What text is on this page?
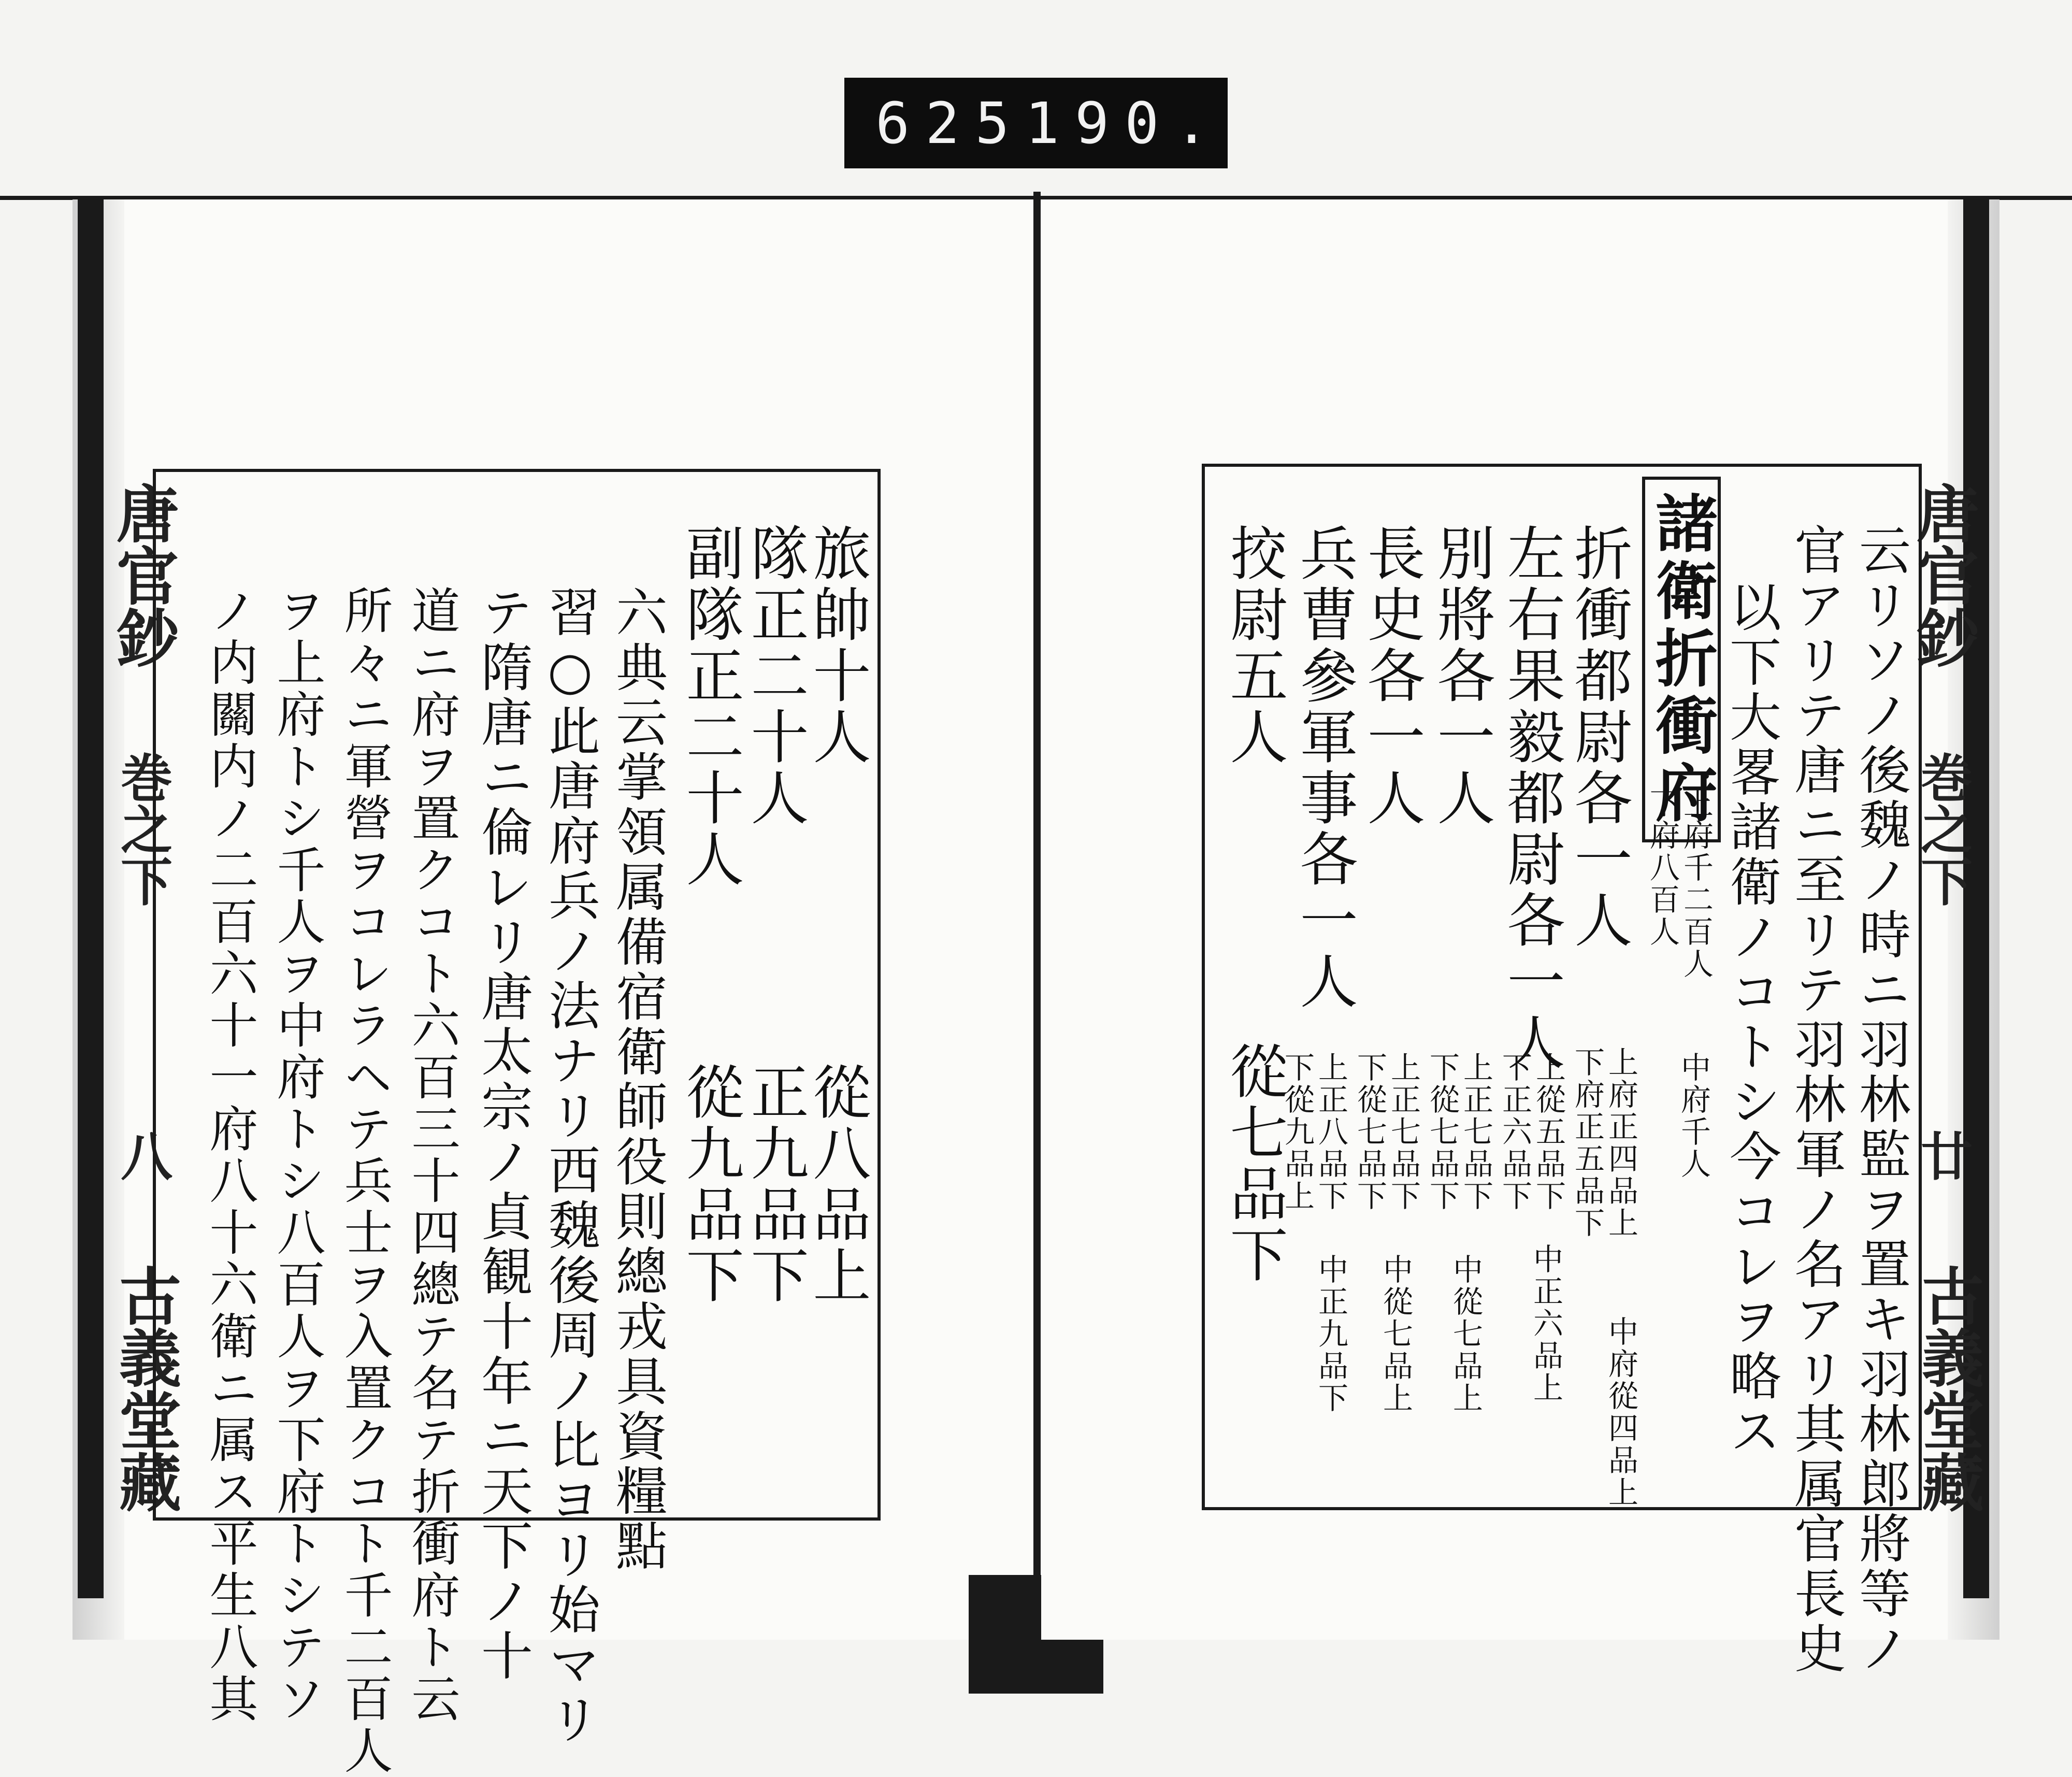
625 190.
唐官鈔
巻之下
八
古義堂藏
旅帥十人
隊正二十人
副隊正二十人
六典云掌領属備宿衛師役則總戎具資糧點
習○此唐府兵ノ法ナリ西魏後周ノ比ヨリ始マリ
テ隋唐ニ倫レリ唐太宗ノ貞観十年ニ天下ノ十
道ニ府ヲ置クコト六百三十四總テ名テ折衝府ト云
所々ニ軍營ヲコレラヘテ兵士ヲ入置クコト千二百人
ヲ上府トシ千人ヲ中府トシ八百人ヲ下府トシテソ
ノ内關内ノ二百六十一府八十六衛ニ属ス平生八其	從八品上
正九品下
從九品下
唐官鈔
巻之下
廿
古義堂藏
云リソノ後魏ノ時ニ羽林監ヲ置キ羽林郎將等ノ
官アリテ唐ニ至リテ羽林軍ノ名アリ其属官長史
以下大畧諸衛ノコトシ今コレヲ略ス
諸衛折衝府
折衝都尉各一人
左右果毅都尉各一人
別將各一人
長史各一人
兵曹參軍事各一人
挍尉五人
上府千二百人
下府八百人
中府千人
上府正四品上
下府正五品下
上從五品下
下正六品下
上正七品下
下從七品下
上正七品下
下從七品下
上正八品下
下從九品上
中府從四品上
中正六品上
中從七品上
中從七品上
中正九品下
從七品下
